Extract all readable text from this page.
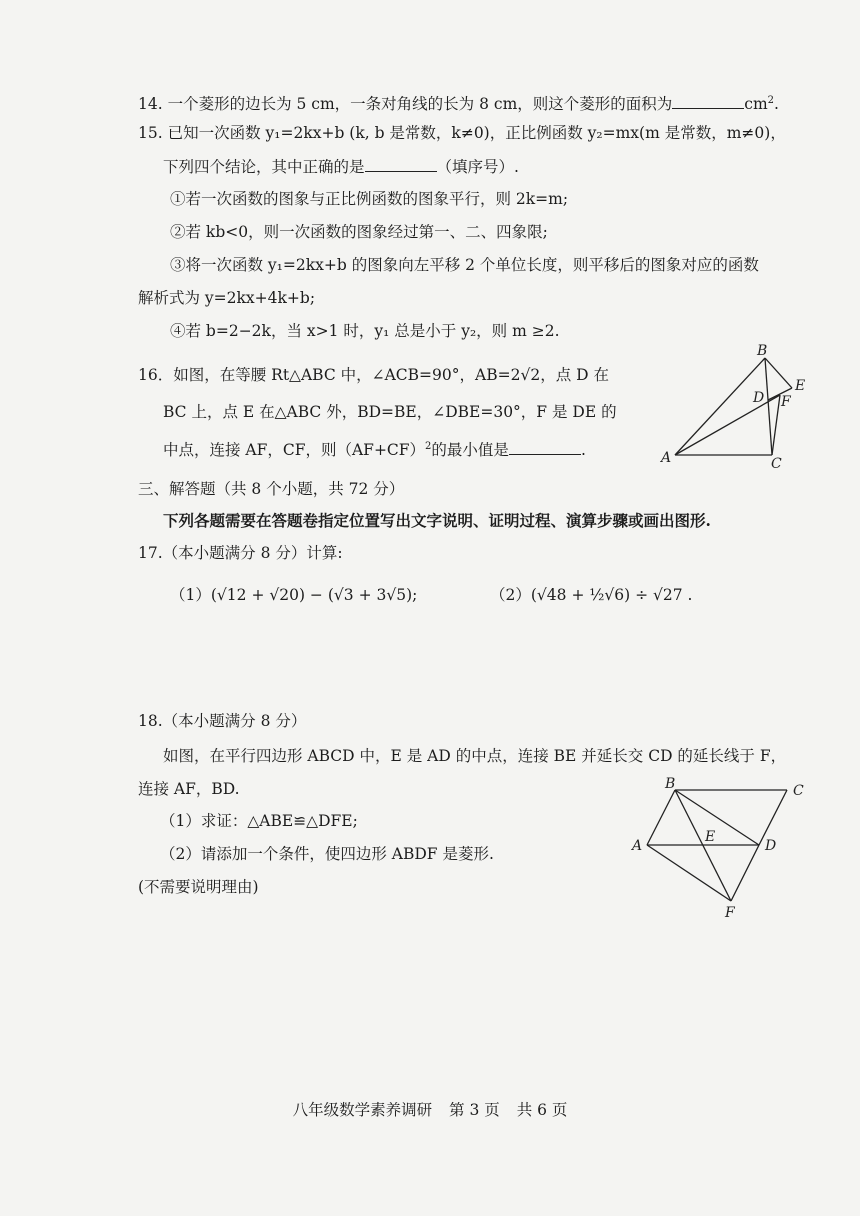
14. 一个菱形的边长为 5 cm，一条对角线的长为 8 cm，则这个菱形的面积为	$cm^2$.
15. 已知一次函数 y₁=2kx+b (k, b 是常数，k≠0)，正比例函数 y₂=mx(m 是常数，m≠0)，
下列四个结论，其中正确的是	（填序号）.
①若一次函数的图象与正比例函数的图象平行，则 2k=m;
②若 kb<0，则一次函数的图象经过第一、二、四象限;
③将一次函数 y₁=2kx+b 的图象向左平移 2 个单位长度，则平移后的图象对应的函数
解析式为 y=2kx+4k+b;
④若 b=2−2k，当 x>1 时，y₁ 总是小于 y₂，则 m ≥2.
16．如图，在等腰 Rt△ABC 中，∠ACB=90°，AB=2√2，点 D 在
BC 上，点 E 在△ABC 外，BD=BE，∠DBE=30°，F 是 DE 的
中点，连接 AF，CF，则$(AF+CF)^2$的最小值是	.
B
E
D F
A	C
三、解答题（共 8 个小题，共 72 分）
下列各题需要在答题卷指定位置写出文字说明、证明过程、演算步骤或画出图形.
17.（本小题满分 8 分）计算:
（1）(√12 + √20) − (√3 + 3√5);	（2）(√48 + ½√6) ÷ √27 .
18.（本小题满分 8 分）
如图，在平行四边形 ABCD 中，E 是 AD 的中点，连接 BE 并延长交 CD 的延长线于 F，
连接 AF，BD.
（1）求证：△ABE≌△DFE;
（2）请添加一个条件，使四边形 ABDF 是菱形.
(不需要说明理由)
B	C
A
E
D
F
八年级数学素养调研 第 3 页 共 6 页
